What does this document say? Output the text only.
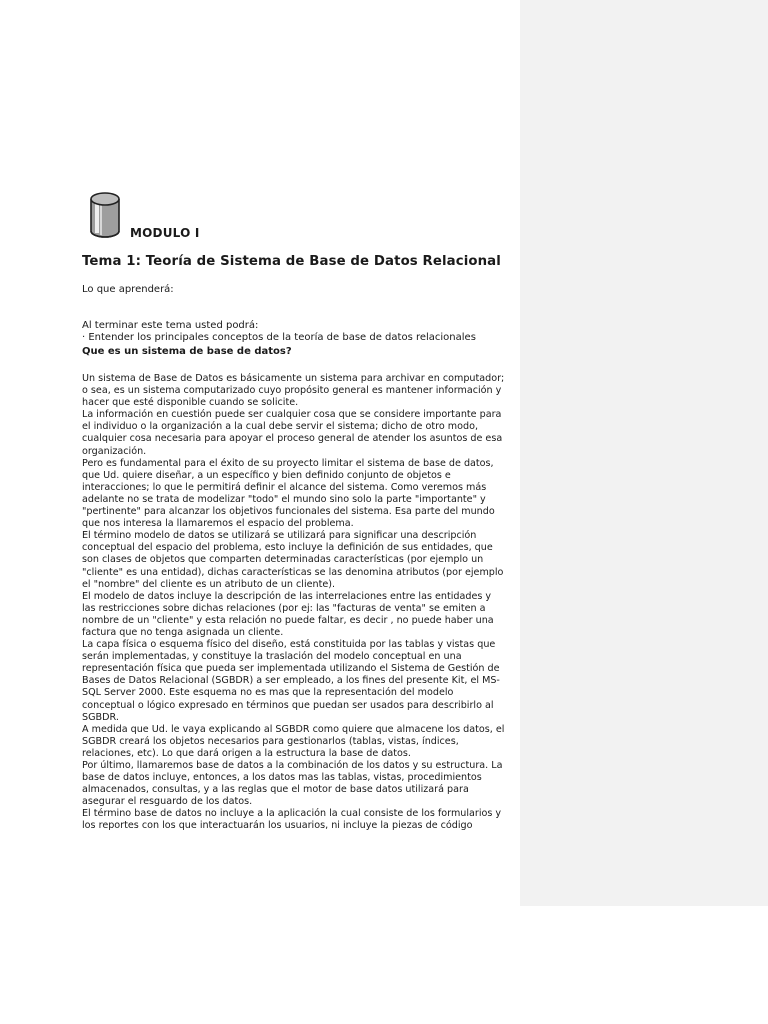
MODULO I
Tema 1: Teoría de Sistema de Base de Datos Relacional
Lo que aprenderá:
Al terminar este tema usted podrá:
· Entender los principales conceptos de la teoría de base de datos relacionales
Que es un sistema de base de datos?
Un sistema de Base de Datos es básicamente un sistema para archivar en computador;
o sea, es un sistema computarizado cuyo propósito general es mantener información y
hacer que esté disponible cuando se solicite.
La información en cuestión puede ser cualquier cosa que se considere importante para
el individuo o la organización a la cual debe servir el sistema; dicho de otro modo,
cualquier cosa necesaria para apoyar el proceso general de atender los asuntos de esa
organización.
Pero es fundamental para el éxito de su proyecto limitar el sistema de base de datos,
que Ud. quiere diseñar, a un específico y bien definido conjunto de objetos e
interacciones; lo que le permitirá definir el alcance del sistema. Como veremos más
adelante no se trata de modelizar "todo" el mundo sino solo la parte "importante" y
"pertinente" para alcanzar los objetivos funcionales del sistema. Esa parte del mundo
que nos interesa la llamaremos el espacio del problema.
El término modelo de datos se utilizará se utilizará para significar una descripción
conceptual del espacio del problema, esto incluye la definición de sus entidades, que
son clases de objetos que comparten determinadas características (por ejemplo un
"cliente" es una entidad), dichas características se las denomina atributos (por ejemplo
el "nombre" del cliente es un atributo de un cliente).
El modelo de datos incluye la descripción de las interrelaciones entre las entidades y
las restricciones sobre dichas relaciones (por ej: las "facturas de venta" se emiten a
nombre de un "cliente" y esta relación no puede faltar, es decir , no puede haber una
factura que no tenga asignada un cliente.
La capa física o esquema físico del diseño, está constituida por las tablas y vistas que
serán implementadas, y constituye la traslación del modelo conceptual en una
representación física que pueda ser implementada utilizando el Sistema de Gestión de
Bases de Datos Relacional (SGBDR) a ser empleado, a los fines del presente Kit, el MS-
SQL Server 2000. Este esquema no es mas que la representación del modelo
conceptual o lógico expresado en términos que puedan ser usados para describirlo al
SGBDR.
A medida que Ud. le vaya explicando al SGBDR como quiere que almacene los datos, el
SGBDR creará los objetos necesarios para gestionarlos (tablas, vistas, índices,
relaciones, etc). Lo que dará origen a la estructura la base de datos.
Por último, llamaremos base de datos a la combinación de los datos y su estructura. La
base de datos incluye, entonces, a los datos mas las tablas, vistas, procedimientos
almacenados, consultas, y a las reglas que el motor de base datos utilizará para
asegurar el resguardo de los datos.
El término base de datos no incluye a la aplicación la cual consiste de los formularios y
los reportes con los que interactuarán los usuarios, ni incluye la piezas de código
